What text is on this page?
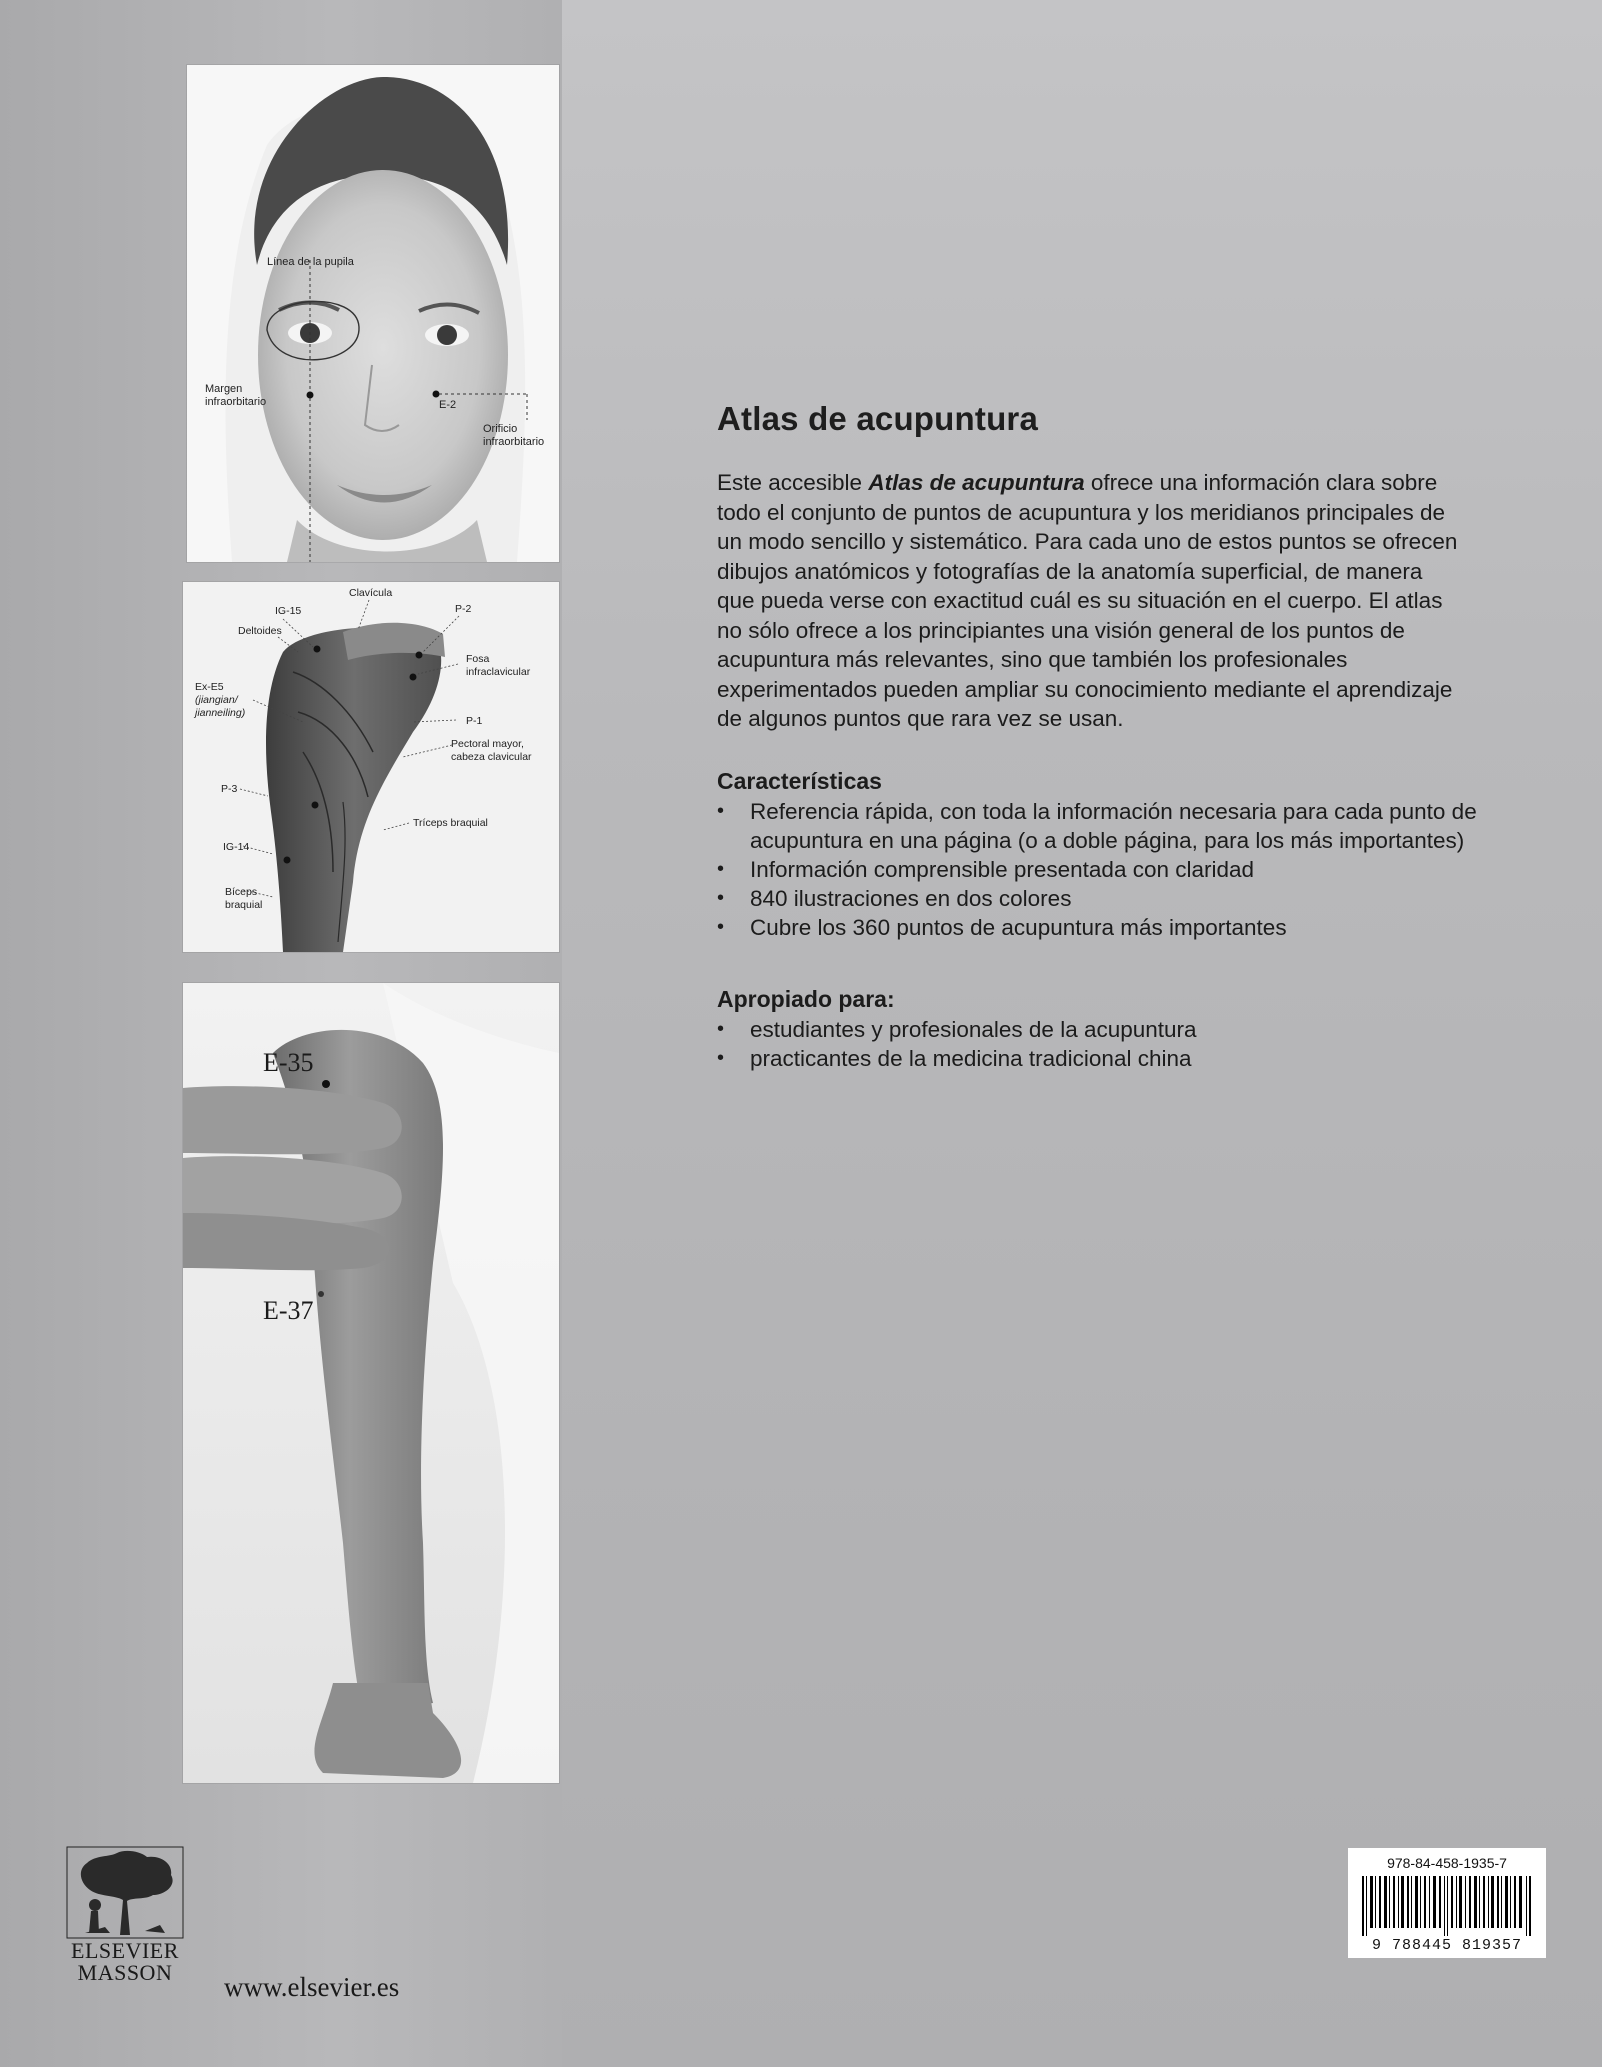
Línea de la pupila
Margen
infraorbitario	E-2
Orificio
infraorbitario
Clavícula
IG-15	P-2
Deltoides
Fosa
infraclavicular
Ex-E5
(jiangian/
jianneiling)
P-1
Pectoral mayor,
cabeza clavicular
P-3
Tríceps braquial
IG-14
Bíceps
braquial
E-35
E-37
Atlas de acupuntura

Este accesible Atlas de acupuntura ofrece una información clara sobre todo el conjunto de puntos de acupuntura y los meridianos principales de un modo sencillo y sistemático. Para cada uno de estos puntos se ofrecen dibujos anatómicos y fotografías de la anatomía superficial, de manera que pueda verse con exactitud cuál es su situación en el cuerpo. El atlas no sólo ofrece a los principiantes una visión general de los puntos de acupuntura más relevantes, sino que también los profesionales experimentados pueden ampliar su conocimiento mediante el aprendizaje de algunos puntos que rara vez se usan.

Características
• Referencia rápida, con toda la información necesaria para cada punto de acupuntura en una página (o a doble página, para los más importantes)
• Información comprensible presentada con claridad
• 840 ilustraciones en dos colores
• Cubre los 360 puntos de acupuntura más importantes
Apropiado para:
• estudiantes y profesionales de la acupuntura
• practicantes de la medicina tradicional china
ELSEVIER
MASSON	www.elsevier.es
978-84-458-1935-7
9 788445 819357
